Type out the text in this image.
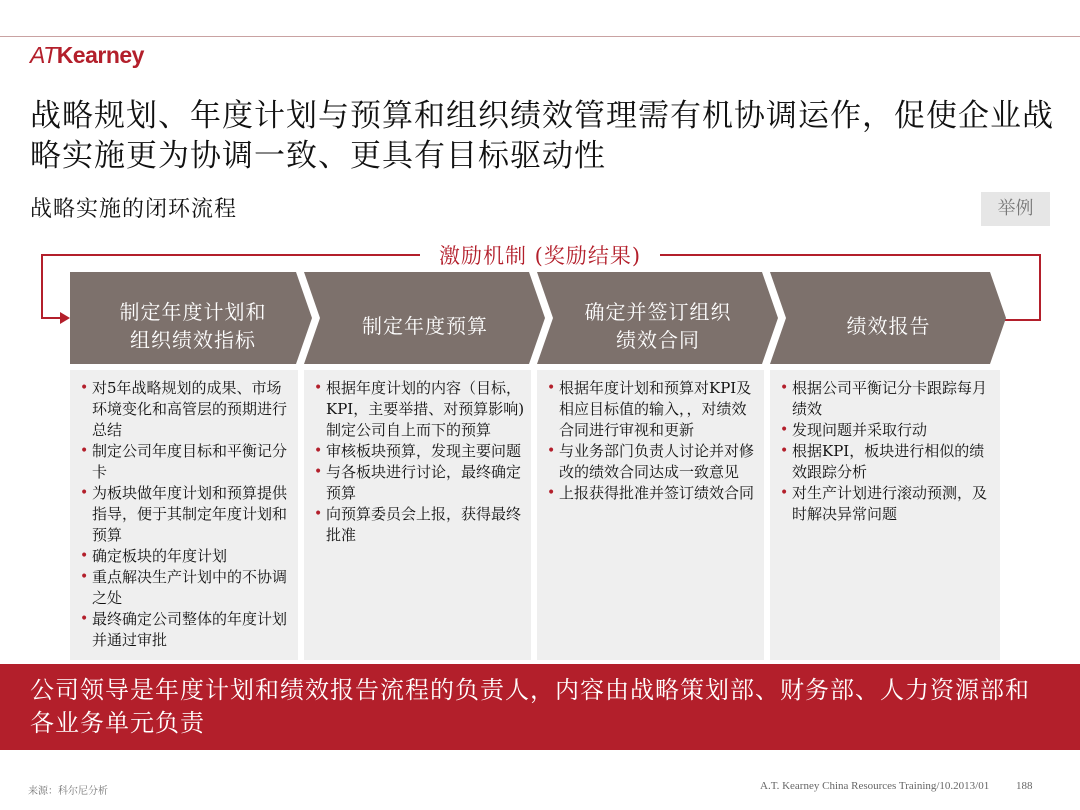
ATKearney
战略规划、年度计划与预算和组织绩效管理需有机协调运作，促使企业战略实施更为协调一致、更具有目标驱动性
战略实施的闭环流程	举例
激励机制 (奖励结果)
制定年度计划和
组织绩效指标
制定年度预算
确定并签订组织
绩效合同
绩效报告
• 对5年战略规划的成果、市场环境变化和高管层的预期进行总结
• 制定公司年度目标和平衡记分卡
• 为板块做年度计划和预算提供指导，便于其制定年度计划和预算
• 确定板块的年度计划
• 重点解决生产计划中的不协调之处
• 最终确定公司整体的年度计划并通过审批
• 根据年度计划的内容（目标，KPI，主要举措、对预算影响)制定公司自上而下的预算
• 审核板块预算，发现主要问题
• 与各板块进行讨论，最终确定预算
• 向预算委员会上报，获得最终批准
• 根据年度计划和预算对KPI及相应目标值的输入，，对绩效合同进行审视和更新
• 与业务部门负责人讨论并对修改的绩效合同达成一致意见
• 上报获得批准并签订绩效合同
• 根据公司平衡记分卡跟踪每月绩效
• 发现问题并采取行动
• 根据KPI，板块进行相似的绩效跟踪分析
• 对生产计划进行滚动预测，及时解决异常问题
公司领导是年度计划和绩效报告流程的负责人，内容由战略策划部、财务部、人力资源部和各业务单元负责
来源：科尔尼分析	A.T. Kearney China Resources Training/10.2013/01 188
